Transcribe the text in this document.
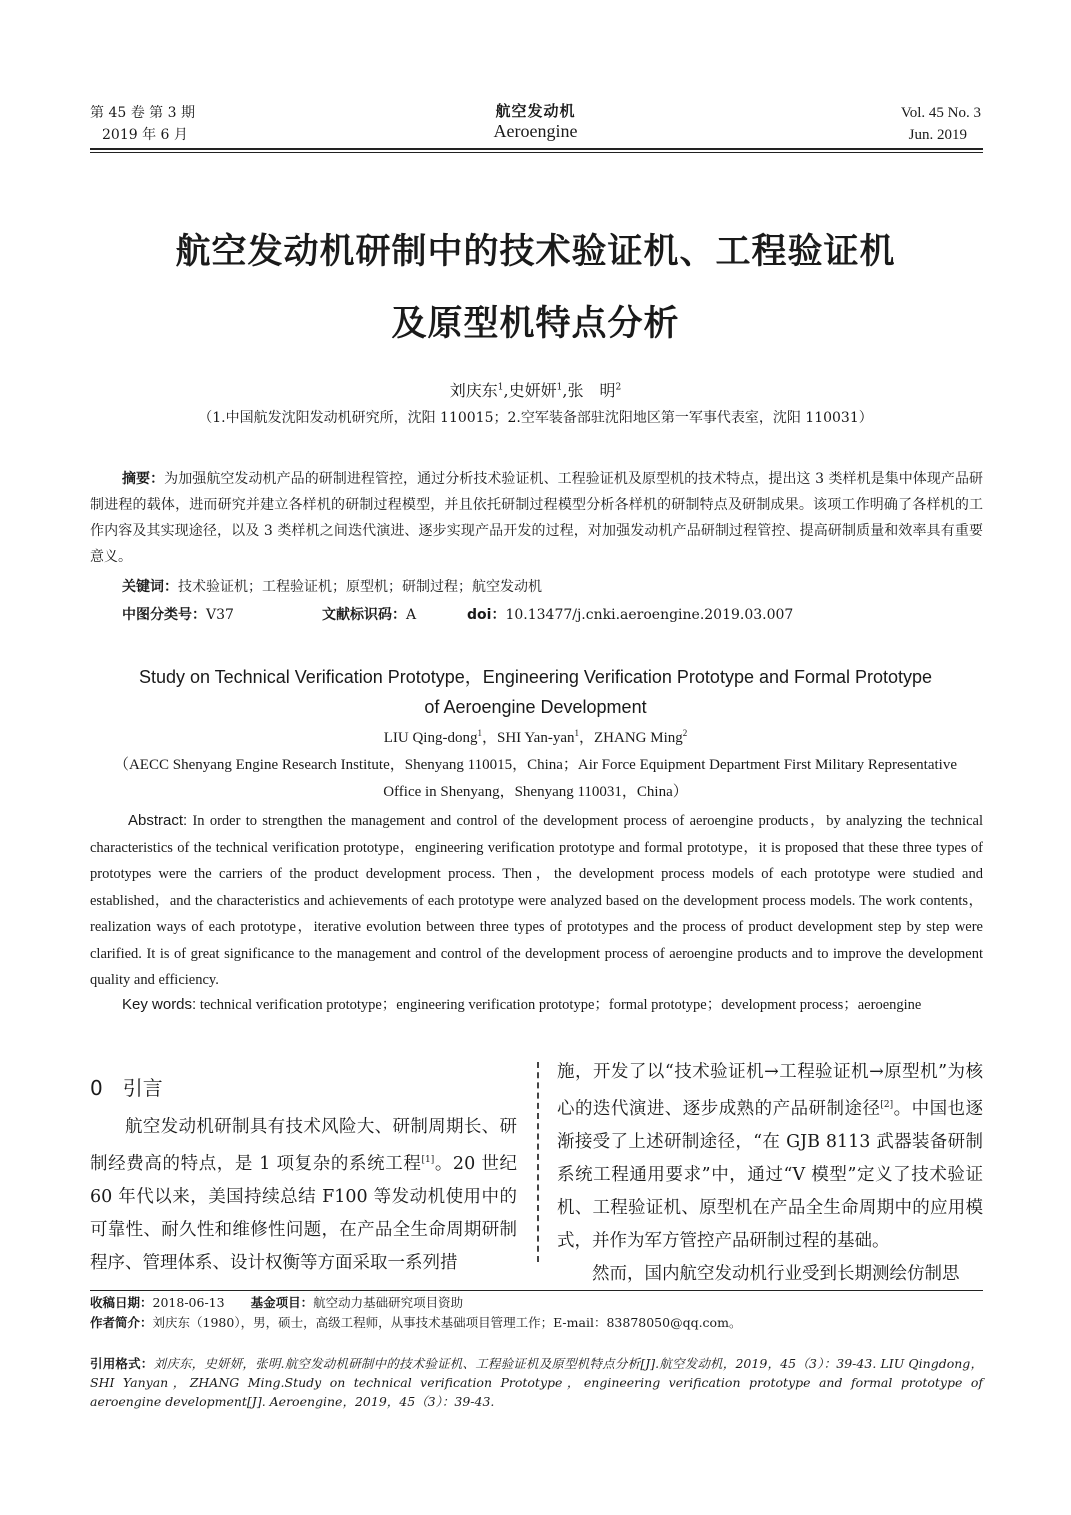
第 45 卷 第 3 期
2019 年 6 月
航空发动机
Aeroengine
Vol. 45 No. 3
Jun. 2019
航空发动机研制中的技术验证机、工程验证机
及原型机特点分析
刘庆东$^1$,史妍妍$^1$,张　明$^2$
（1.中国航发沈阳发动机研究所，沈阳 110015；2.空军装备部驻沈阳地区第一军事代表室，沈阳 110031）
摘要：为加强航空发动机产品的研制进程管控，通过分析技术验证机、工程验证机及原型机的技术特点，提出这 3 类样机是集中体现产品研制进程的载体，进而研究并建立各样机的研制过程模型，并且依托研制过程模型分析各样机的研制特点及研制成果。该项工作明确了各样机的工作内容及其实现途径，以及 3 类样机之间迭代演进、逐步实现产品开发的过程，对加强发动机产品研制过程管控、提高研制质量和效率具有重要意义。
关键词：技术验证机；工程验证机；原型机；研制过程；航空发动机
中图分类号：V37	文献标识码：A	doi：10.13477/j.cnki.aeroengine.2019.03.007
Study on Technical Verification Prototype，Engineering Verification Prototype and Formal Prototype
of Aeroengine Development
LIU Qing-dong$^1$，SHI Yan-yan$^1$，ZHANG Ming$^2$
（AECC Shenyang Engine Research Institute，Shenyang 110015，China；Air Force Equipment Department First Military Representative
Office in Shenyang，Shenyang 110031，China）
Abstract: In order to strengthen the management and control of the development process of aeroengine products，by analyzing the technical characteristics of the technical verification prototype，engineering verification prototype and formal prototype，it is proposed that these three types of prototypes were the carriers of the product development process. Then，the development process models of each prototype were studied and established，and the characteristics and achievements of each prototype were analyzed based on the development process models. The work contents，realization ways of each prototype，iterative evolution between three types of prototypes and the process of product development step by step were clarified. It is of great significance to the management and control of the development process of aeroengine products and to improve the development quality and efficiency.
Key words: technical verification prototype；engineering verification prototype；formal prototype；development process；aeroengine

0　引言

航空发动机研制具有技术风险大、研制周期长、研制经费高的特点，是 1 项复杂的系统工程[1]。20 世纪 60 年代以来，美国持续总结 F100 等发动机使用中的可靠性、耐久性和维修性问题，在产品全生命周期研制程序、管理体系、设计权衡等方面采取一系列措

施，开发了以“技术验证机→工程验证机→原型机”为核心的迭代演进、逐步成熟的产品研制途径[2]。中国也逐渐接受了上述研制途径，“在 GJB 8113 武器装备研制系统工程通用要求”中，通过“V 模型”定义了技术验证机、工程验证机、原型机在产品全生命周期中的应用模式，并作为军方管控产品研制过程的基础。

然而，国内航空发动机行业受到长期测绘仿制思

收稿日期：2018-06-13 基金项目：航空动力基础研究项目资助
作者简介：刘庆东（1980），男，硕士，高级工程师，从事技术基础项目管理工作；E-mail：83878050@qq.com。
引用格式：刘庆东，史妍妍，张明.航空发动机研制中的技术验证机、工程验证机及原型机特点分析[J].航空发动机，2019，45（3）：39-43. LIU Qingdong，SHI Yanyan，ZHANG Ming.Study on technical verification Prototype，engineering verification prototype and formal prototype of aeroengine development[J]. Aeroengine，2019，45（3）：39-43.
